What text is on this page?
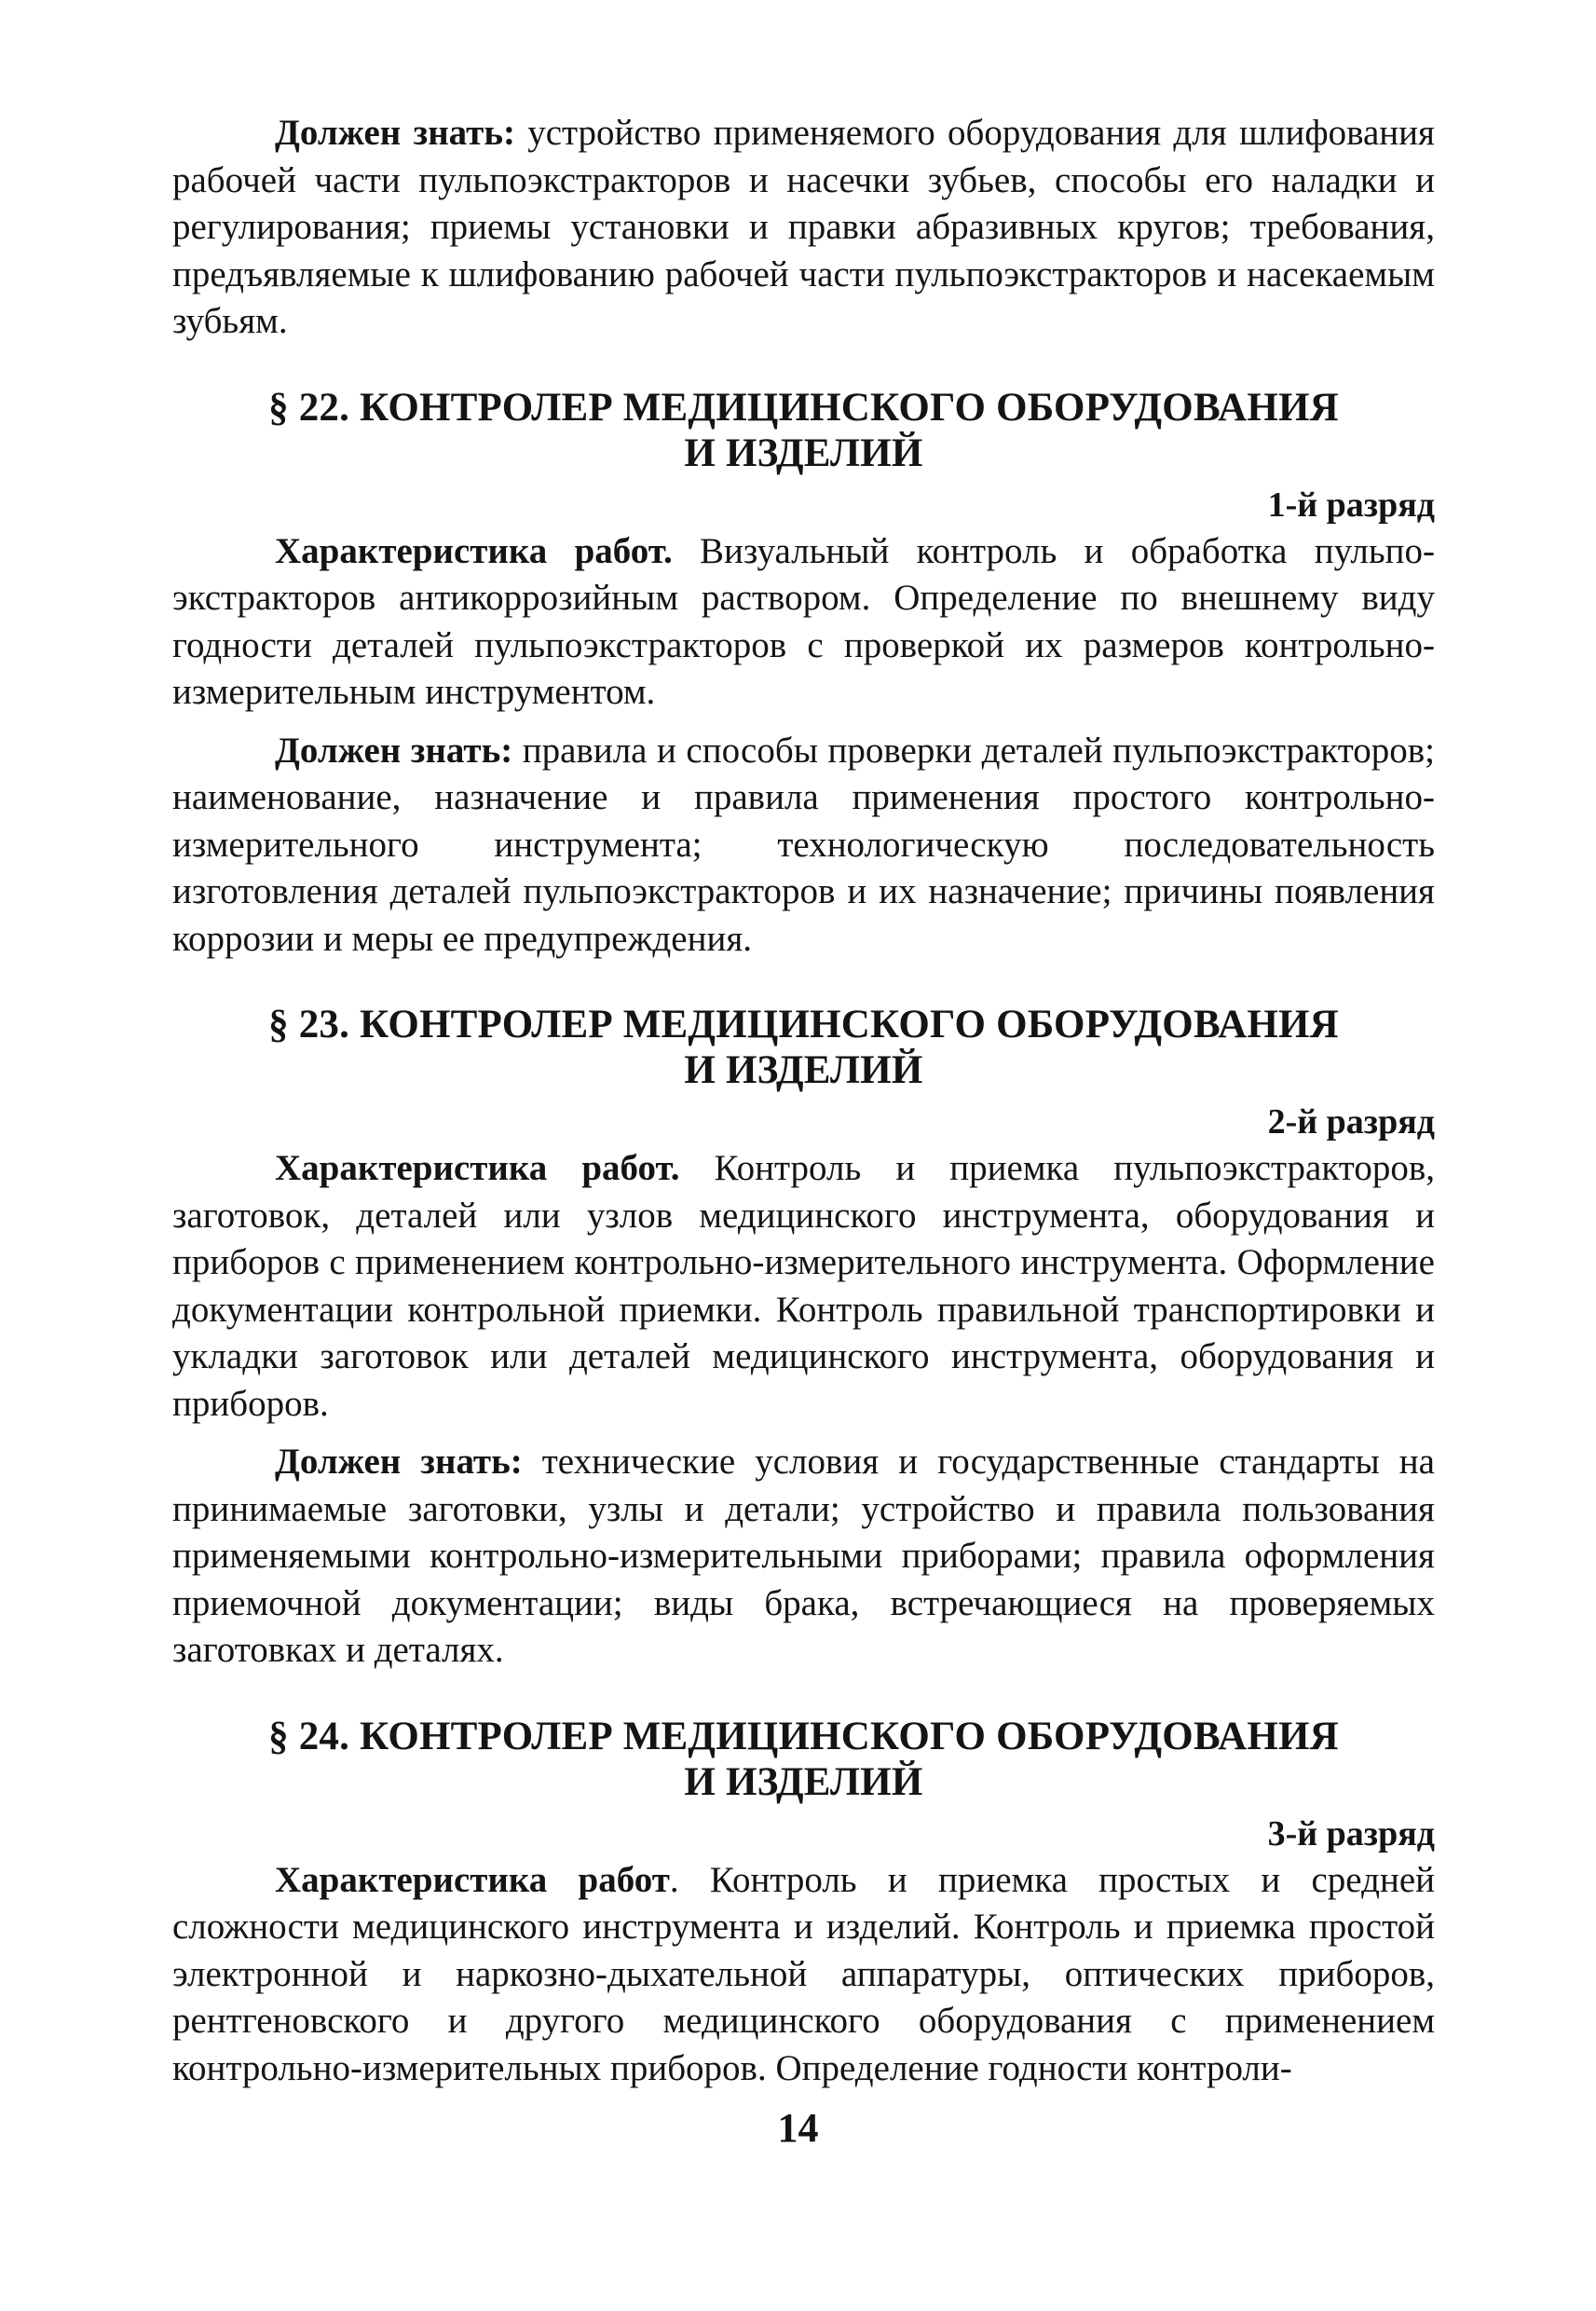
Должен знать: устройство применяемого оборудования для шлифования рабочей части пульпоэкстракторов и насечки зубьев, способы его наладки и регулирования; приемы установки и правки абразивных кругов; требования, предъявляемые к шлифованию рабочей части пульпоэкстракторов и насекаемым зубьям.

§ 22. КОНТРОЛЕР МЕДИЦИНСКОГО ОБОРУДОВАНИЯ
И ИЗДЕЛИЙ
1-й разряд

Характеристика работ. Визуальный контроль и обработка пульпоэкстракторов антикоррозийным раствором. Определение по внешнему виду годности деталей пульпоэкстракторов с проверкой их размеров контрольно-измерительным инструментом.

Должен знать: правила и способы проверки деталей пульпоэкстракторов; наименование, назначение и правила применения простого контрольно-измерительного инструмента; технологическую последовательность изготовления деталей пульпоэкстракторов и их назначение; причины появления коррозии и меры ее предупреждения.

§ 23. КОНТРОЛЕР МЕДИЦИНСКОГО ОБОРУДОВАНИЯ
И ИЗДЕЛИЙ
2-й разряд

Характеристика работ. Контроль и приемка пульпоэкстракторов, заготовок, деталей или узлов медицинского инструмента, оборудования и приборов с применением контрольно-измерительного инструмента. Оформление документации контрольной приемки. Контроль правильной транспортировки и укладки заготовок или деталей медицинского инструмента, оборудования и приборов.

Должен знать: технические условия и государственные стандарты на принимаемые заготовки, узлы и детали; устройство и правила пользования применяемыми контрольно-измерительными приборами; правила оформления приемочной документации; виды брака, встречающиеся на проверяемых заготовках и деталях.

§ 24. КОНТРОЛЕР МЕДИЦИНСКОГО ОБОРУДОВАНИЯ
И ИЗДЕЛИЙ
3-й разряд

Характеристика работ. Контроль и приемка простых и средней сложности медицинского инструмента и изделий. Контроль и приемка простой электронной и наркозно-дыхательной аппаратуры, оптических приборов, рентгеновского и другого медицинского оборудования с применением контрольно-измерительных приборов. Определение годности контроли-

14
